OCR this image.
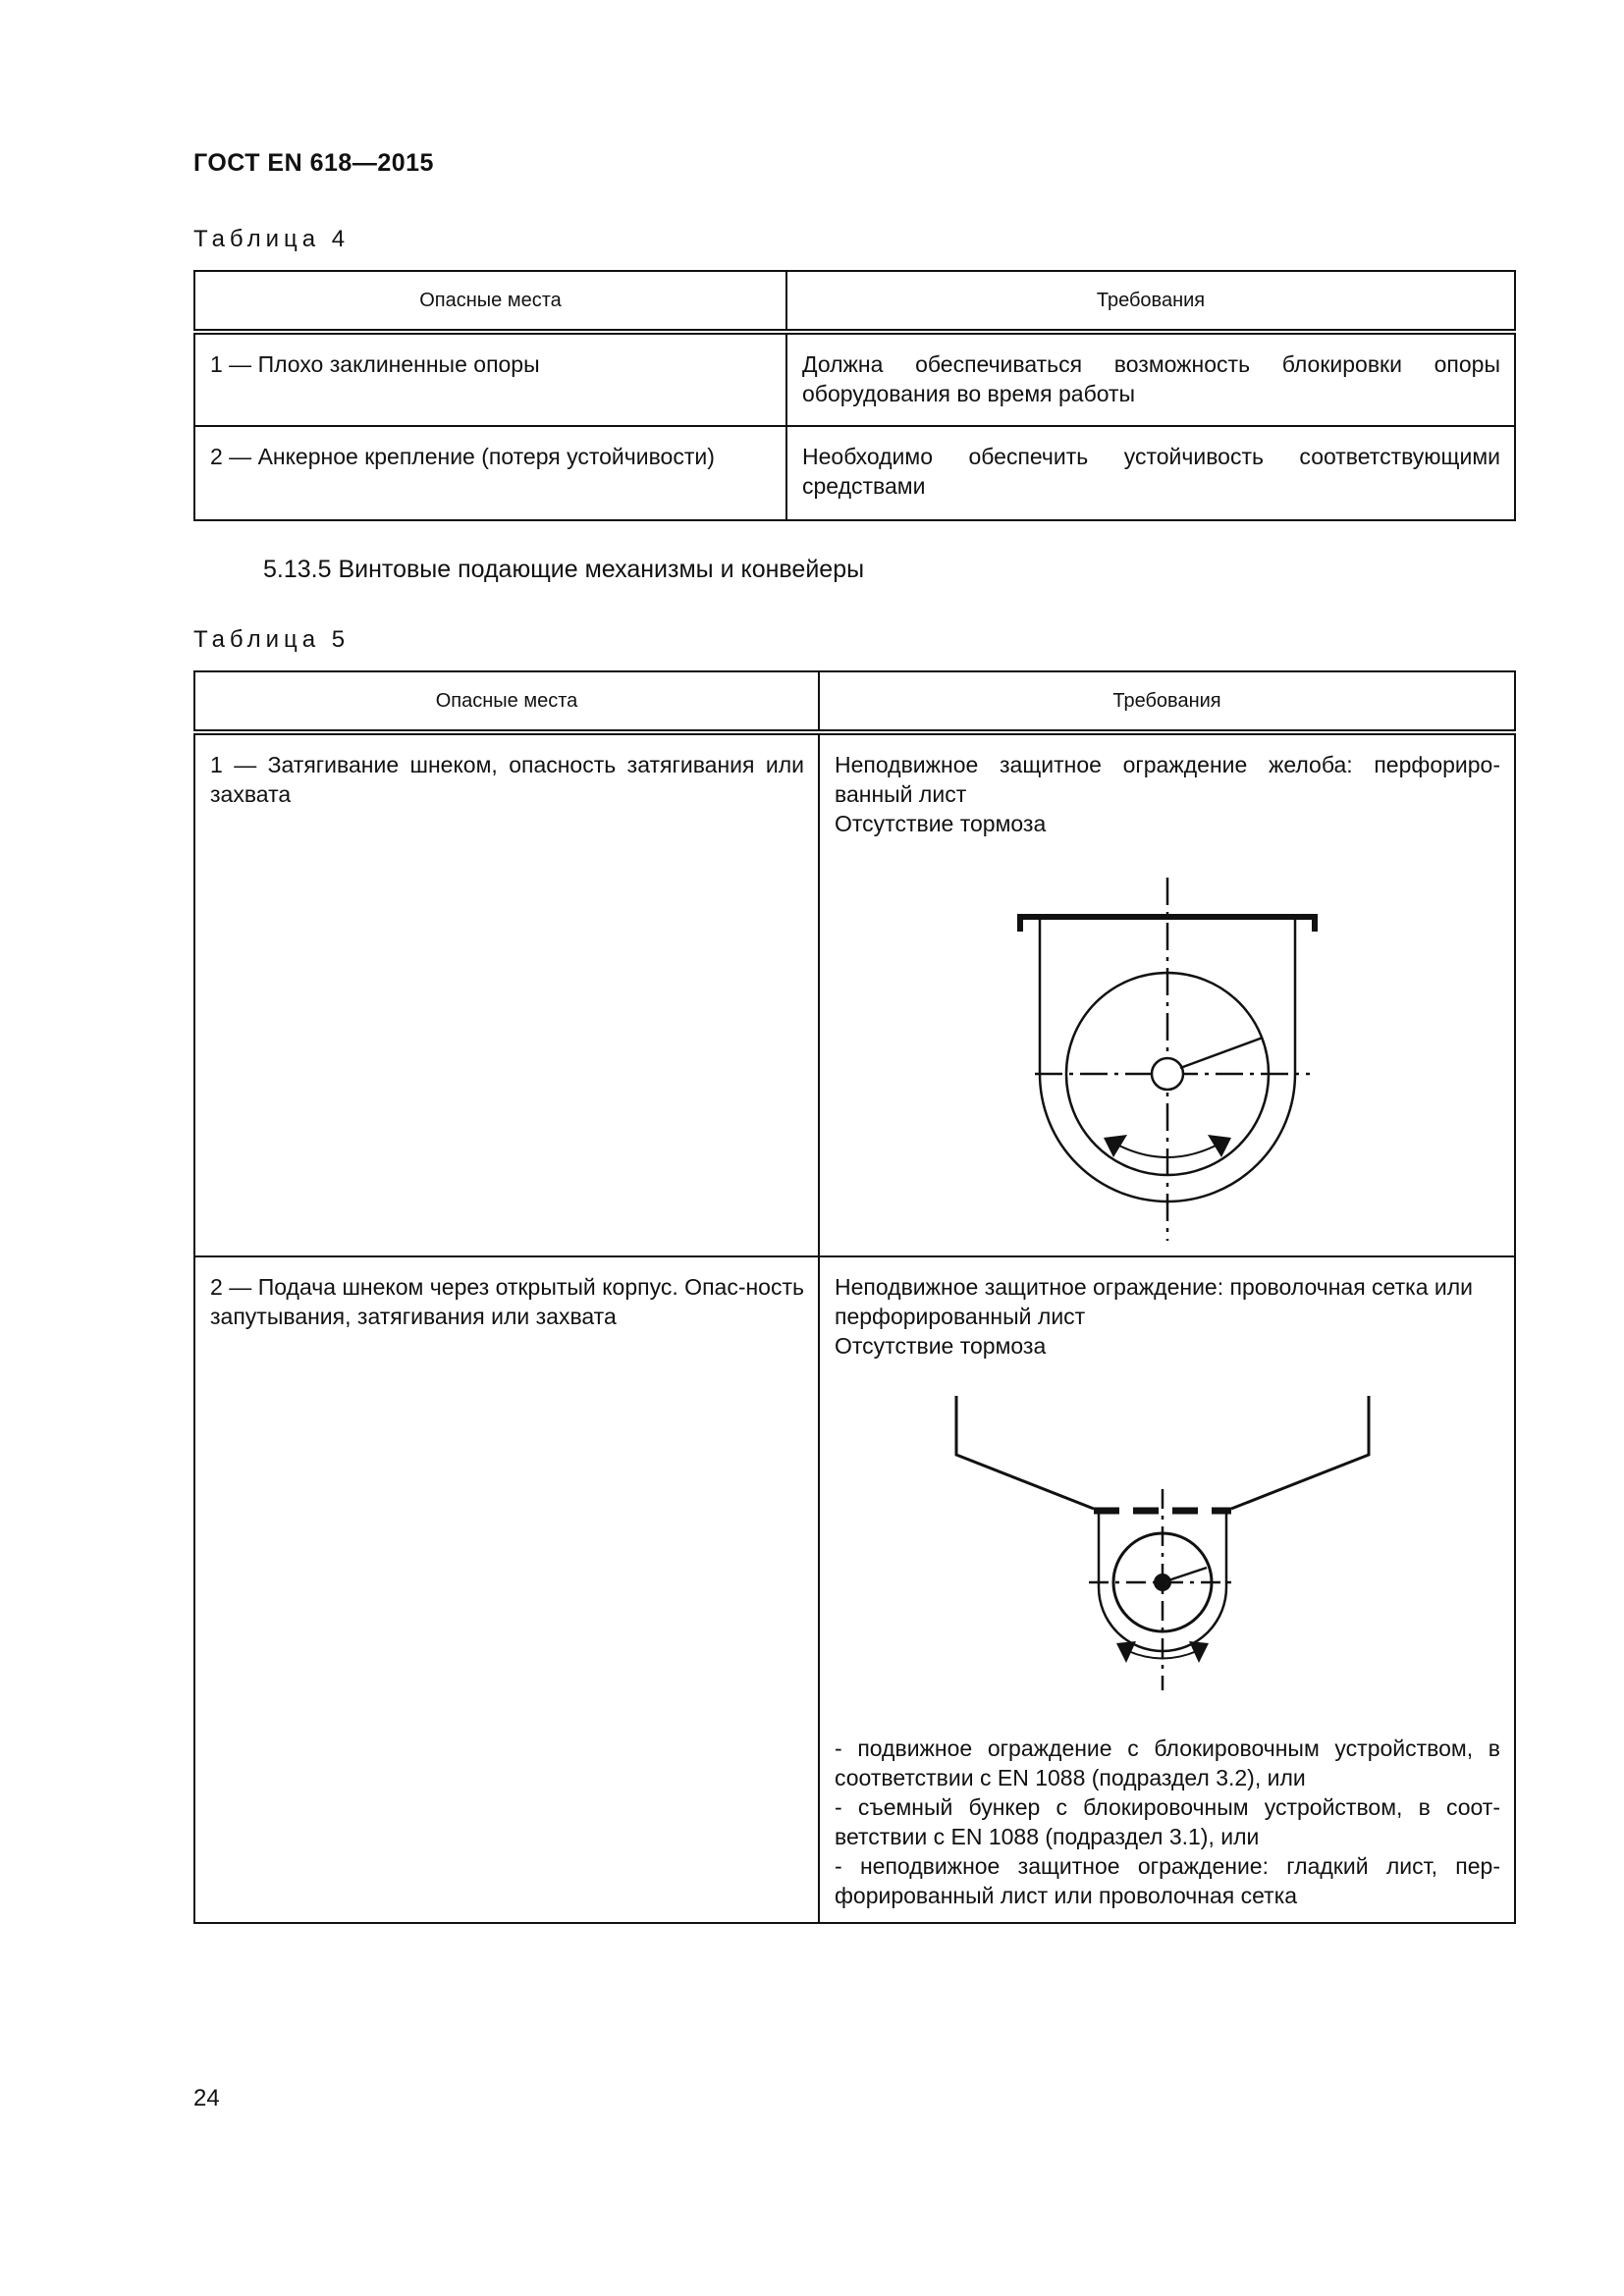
ГОСТ EN 618—2015
Таблица 4
Опасные места	Требования
1 — Плохо заклиненные опоры	Должна обеспечиваться возможность блокировки опоры оборудования во время работы
2 — Анкерное крепление (потеря устойчивости)	Необходимо обеспечить устойчивость соответствующими средствами
5.13.5 Винтовые подающие механизмы и конвейеры
Таблица 5
Опасные места	Требования
1 — Затягивание шнеком, опасность затягивания или захвата	Неподвижное защитное ограждение желоба: перфориро-ванный лист
Отсутствие тормоза

2 — Подача шнеком через открытый корпус. Опас-ность запутывания, затягивания или захвата	Неподвижное защитное ограждение: проволочная сетка или перфорированный лист
Отсутствие тормоза
- подвижное ограждение с блокировочным устройством, в соответствии с EN 1088 (подраздел 3.2), или
- съемный бункер с блокировочным устройством, в соот-ветствии с EN 1088 (подраздел 3.1), или
- неподвижное защитное ограждение: гладкий лист, пер-форированный лист или проволочная сетка
24
